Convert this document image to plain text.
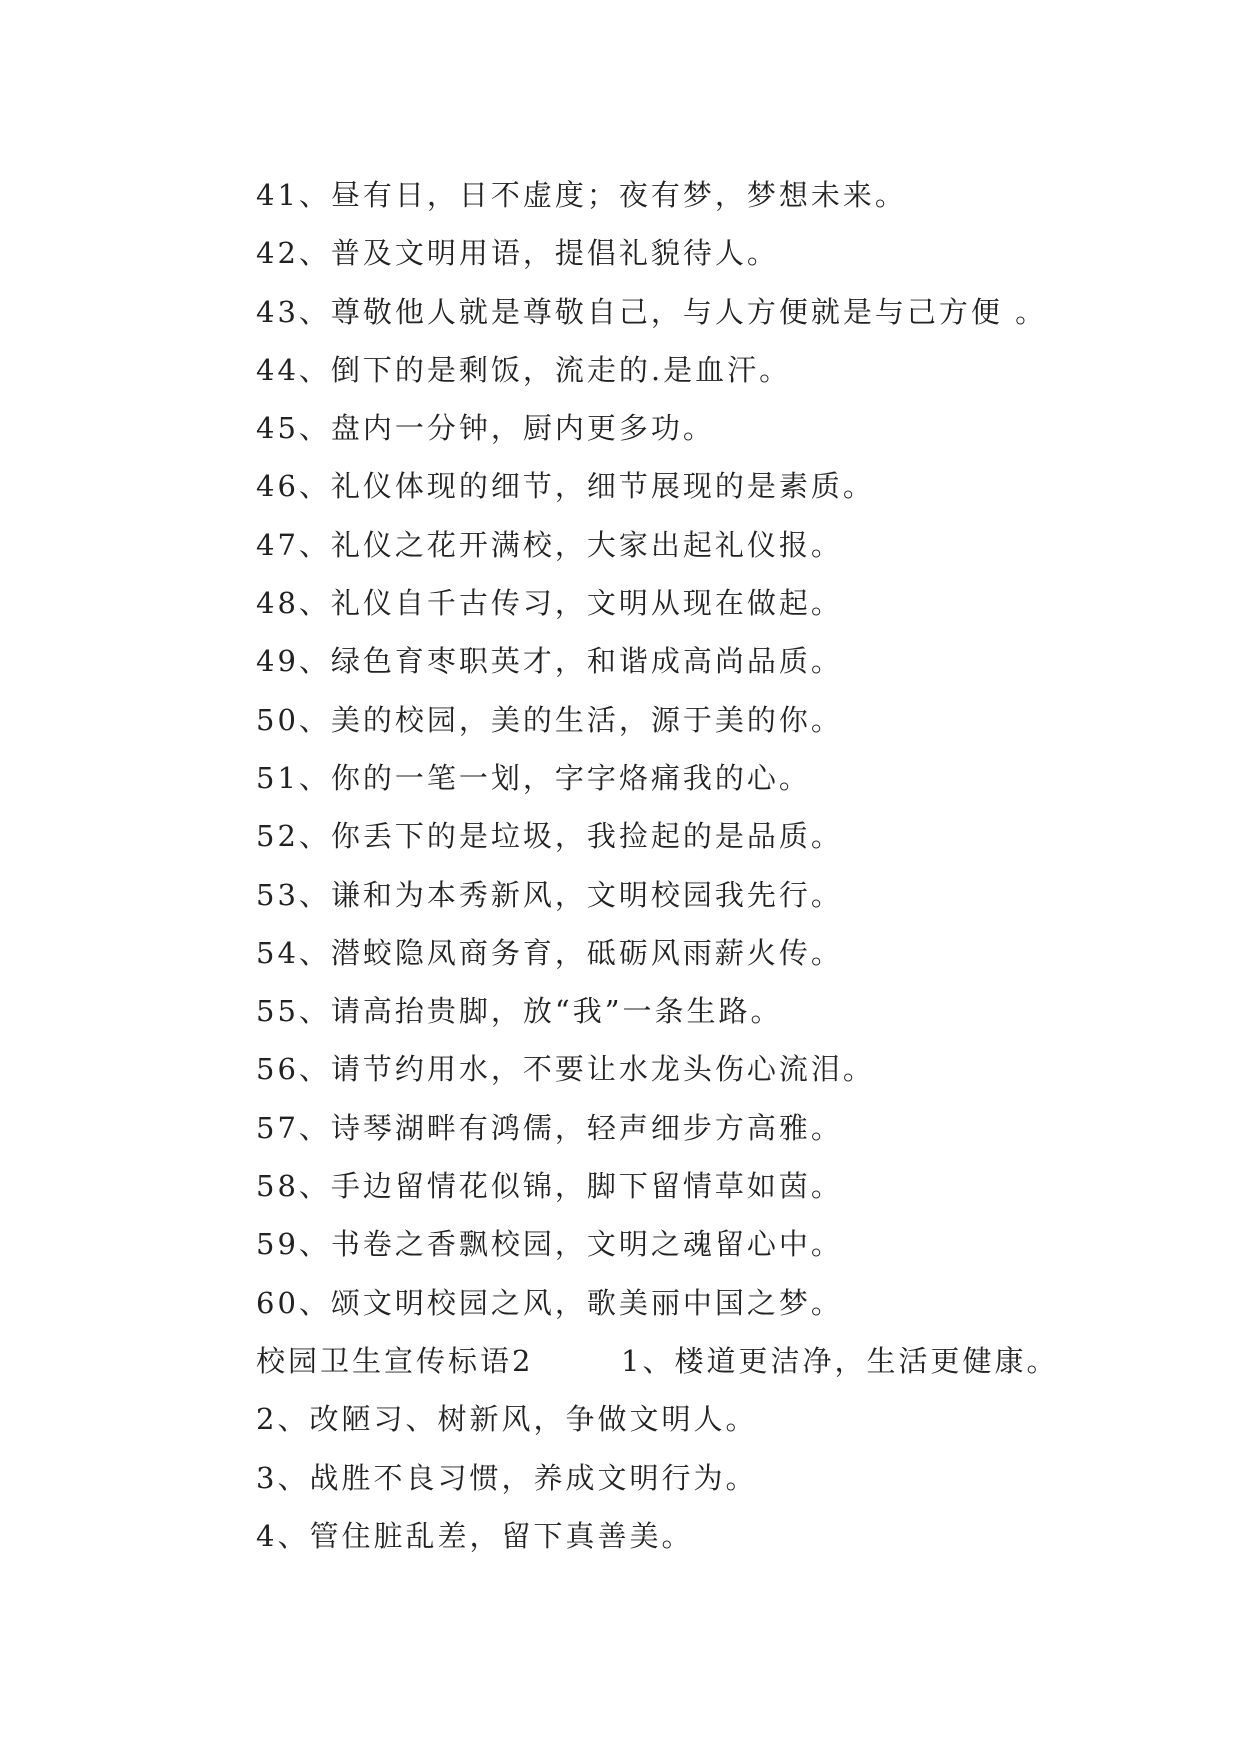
41、昼有日，日不虚度；夜有梦，梦想未来。
42、普及文明用语，提倡礼貌待人。
43、尊敬他人就是尊敬自己，与人方便就是与己方便 。
44、倒下的是剩饭，流走的.是血汗。
45、盘内一分钟，厨内更多功。
46、礼仪体现的细节，细节展现的是素质。
47、礼仪之花开满校，大家出起礼仪报。
48、礼仪自千古传习，文明从现在做起。
49、绿色育枣职英才，和谐成高尚品质。
50、美的校园，美的生活，源于美的你。
51、你的一笔一划，字字烙痛我的心。
52、你丢下的是垃圾，我捡起的是品质。
53、谦和为本秀新风，文明校园我先行。
54、潜蛟隐凤商务育，砥砺风雨薪火传。
55、请高抬贵脚，放“我”一条生路。
56、请节约用水，不要让水龙头伤心流泪。
57、诗琴湖畔有鸿儒，轻声细步方高雅。
58、手边留情花似锦，脚下留情草如茵。
59、书卷之香飘校园，文明之魂留心中。
60、颂文明校园之风，歌美丽中国之梦。
校园卫生宣传标语2	1、楼道更洁净，生活更健康。
2、改陋习、树新风，争做文明人。
3、战胜不良习惯，养成文明行为。
4、管住脏乱差，留下真善美。
